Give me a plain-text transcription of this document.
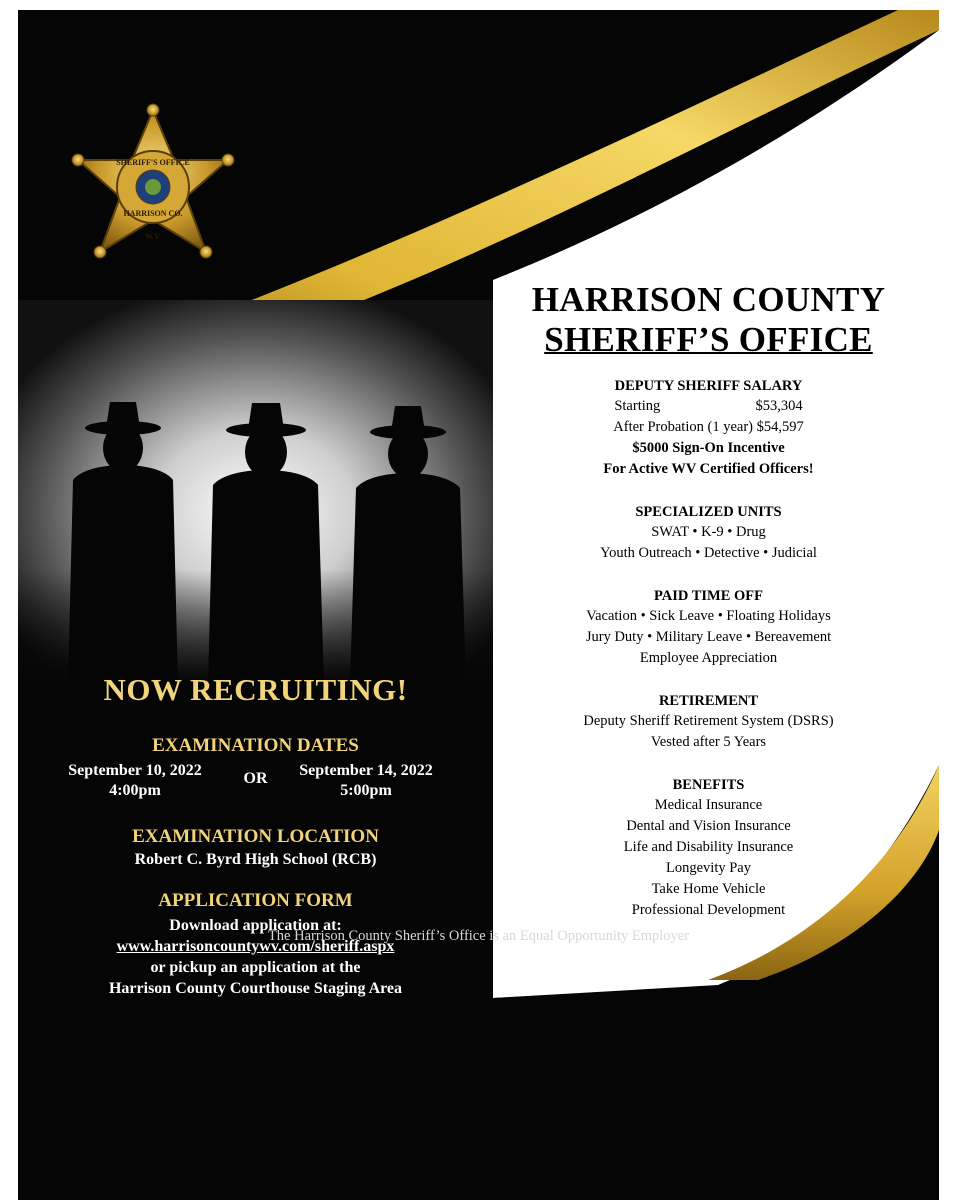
SHERIFF'S OFFICE
HARRISON CO.
W.V.
NOW RECRUITING!
EXAMINATION DATES
September 10, 2022
4:00pm
OR	September 14, 2022
5:00pm
EXAMINATION LOCATION
Robert C. Byrd High School (RCB)
APPLICATION FORM
Download application at:
www.harrisoncountywv.com/sheriff.aspx
or pickup an application at the
Harrison County Courthouse Staging Area
HARRISON COUNTY
SHERIFF’S OFFICE
DEPUTY SHERIFF SALARY
Starting	$53,304
After Probation (1 year) $54,597
$5000 Sign-On Incentive
For Active WV Certified Officers!
SPECIALIZED UNITS
SWAT • K-9 • Drug
Youth Outreach • Detective • Judicial
PAID TIME OFF
Vacation • Sick Leave • Floating Holidays
Jury Duty • Military Leave • Bereavement
Employee Appreciation
RETIREMENT
Deputy Sheriff Retirement System (DSRS)
Vested after 5 Years
BENEFITS
Medical Insurance
Dental and Vision Insurance
Life and Disability Insurance
Longevity Pay
Take Home Vehicle
Professional Development
The Harrison County Sheriff’s Office is an Equal Opportunity Employer
